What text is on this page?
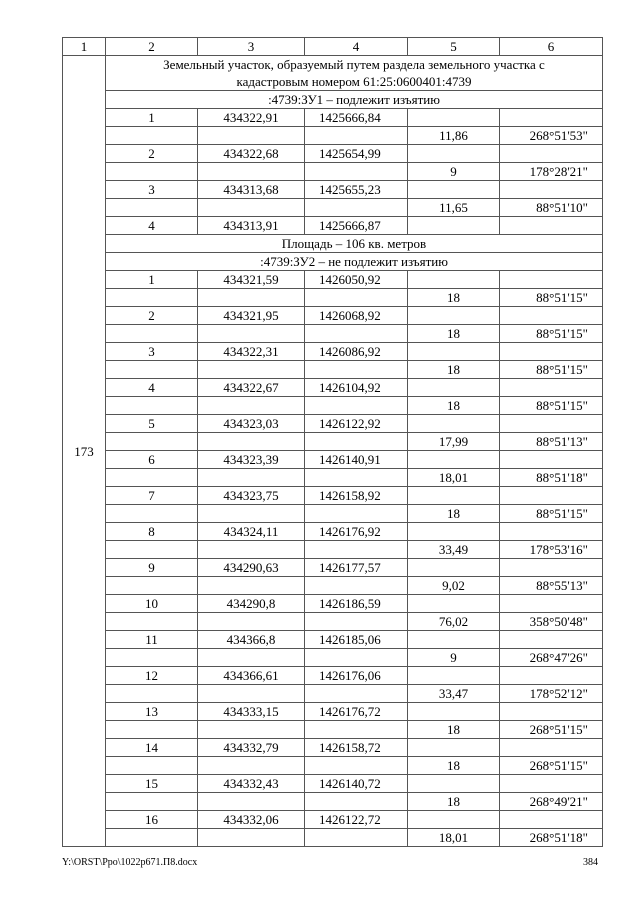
1	2	3	4	5	6
173	Земельный участок, образуемый путем раздела земельного участка с
кадастровым номером 61:25:0600401:4739				
	:4739:ЗУ1 – подлежит изъятию				
	1	434322,91	1425666,84		
				11,86	268°51'53"
	2	434322,68	1425654,99		
				9	178°28'21"
	3	434313,68	1425655,23		
				11,65	88°51'10"
	4	434313,91	1425666,87		
	Площадь – 106 кв. метров				
	:4739:ЗУ2 – не подлежит изъятию				
	1	434321,59	1426050,92		
				18	88°51'15"
	2	434321,95	1426068,92		
				18	88°51'15"
	3	434322,31	1426086,92		
				18	88°51'15"
	4	434322,67	1426104,92		
				18	88°51'15"
	5	434323,03	1426122,92		
				17,99	88°51'13"
	6	434323,39	1426140,91		
				18,01	88°51'18"
	7	434323,75	1426158,92		
				18	88°51'15"
	8	434324,11	1426176,92		
				33,49	178°53'16"
	9	434290,63	1426177,57		
				9,02	88°55'13"
	10	434290,8	1426186,59		
				76,02	358°50'48"
	11	434366,8	1426185,06		
				9	268°47'26"
	12	434366,61	1426176,06		
				33,47	178°52'12"
	13	434333,15	1426176,72		
				18	268°51'15"
	14	434332,79	1426158,72		
				18	268°51'15"
	15	434332,43	1426140,72		
				18	268°49'21"
	16	434332,06	1426122,72		
				18,01	268°51'18"
Y:\ORST\Ppo\1022p671.П8.docx	384
